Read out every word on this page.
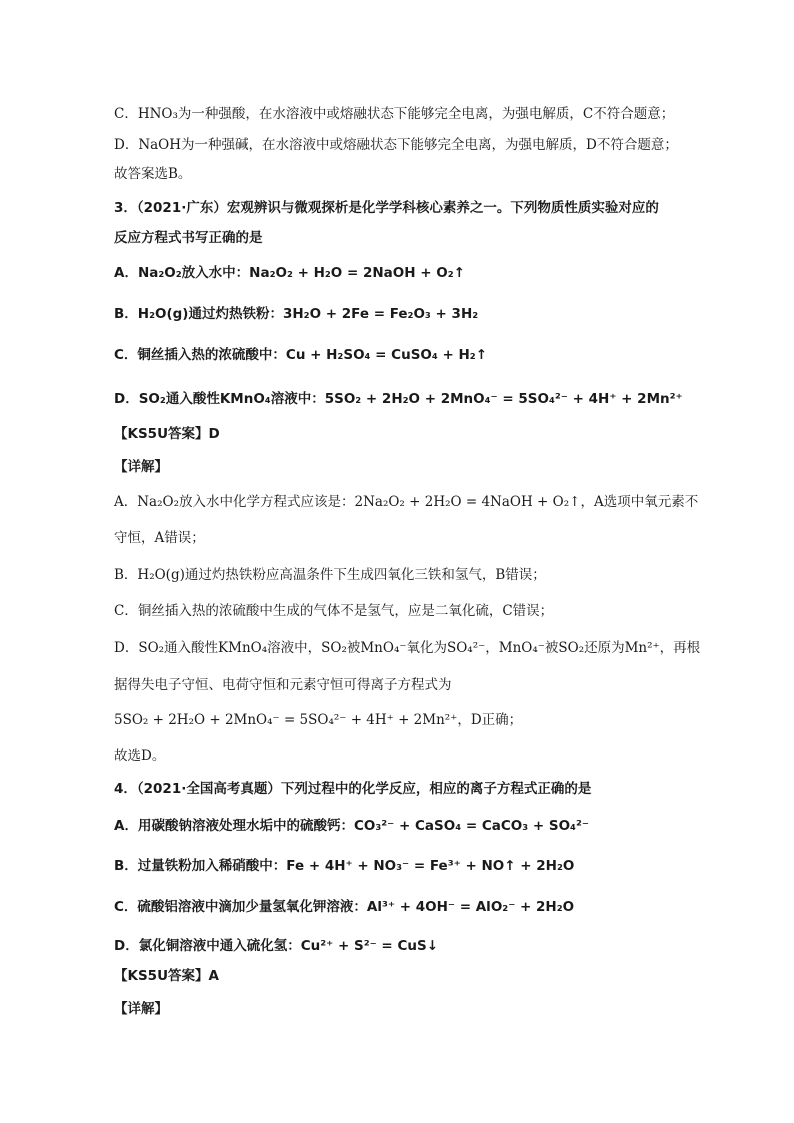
C．HNO₃为一种强酸，在水溶液中或熔融状态下能够完全电离，为强电解质，C不符合题意；
D．NaOH为一种强碱，在水溶液中或熔融状态下能够完全电离，为强电解质，D不符合题意；
故答案选B。
3．（2021·广东）宏观辨识与微观探析是化学学科核心素养之一。下列物质性质实验对应的
反应方程式书写正确的是
A．Na₂O₂放入水中：Na₂O₂ + H₂O = 2NaOH + O₂↑
B．H₂O(g)通过灼热铁粉：3H₂O + 2Fe = Fe₂O₃ + 3H₂
C．铜丝插入热的浓硫酸中：Cu + H₂SO₄ = CuSO₄ + H₂↑
D．SO₂通入酸性KMnO₄溶液中：5SO₂ + 2H₂O + 2MnO₄⁻ = 5SO₄²⁻ + 4H⁺ + 2Mn²⁺
【KS5U答案】D
【详解】
A．Na₂O₂放入水中化学方程式应该是：2Na₂O₂ + 2H₂O = 4NaOH + O₂↑，A选项中氧元素不
守恒，A错误；
B．H₂O(g)通过灼热铁粉应高温条件下生成四氧化三铁和氢气，B错误；
C．铜丝插入热的浓硫酸中生成的气体不是氢气，应是二氧化硫，C错误；
D．SO₂通入酸性KMnO₄溶液中，SO₂被MnO₄⁻氧化为SO₄²⁻，MnO₄⁻被SO₂还原为Mn²⁺，再根
据得失电子守恒、电荷守恒和元素守恒可得离子方程式为
5SO₂ + 2H₂O + 2MnO₄⁻ = 5SO₄²⁻ + 4H⁺ + 2Mn²⁺，D正确；
故选D。
4．（2021·全国高考真题）下列过程中的化学反应，相应的离子方程式正确的是
A．用碳酸钠溶液处理水垢中的硫酸钙：CO₃²⁻ + CaSO₄ = CaCO₃ + SO₄²⁻
B．过量铁粉加入稀硝酸中：Fe + 4H⁺ + NO₃⁻ = Fe³⁺ + NO↑ + 2H₂O
C．硫酸铝溶液中滴加少量氢氧化钾溶液：Al³⁺ + 4OH⁻ = AlO₂⁻ + 2H₂O
D．氯化铜溶液中通入硫化氢：Cu²⁺ + S²⁻ = CuS↓
【KS5U答案】A
【详解】
